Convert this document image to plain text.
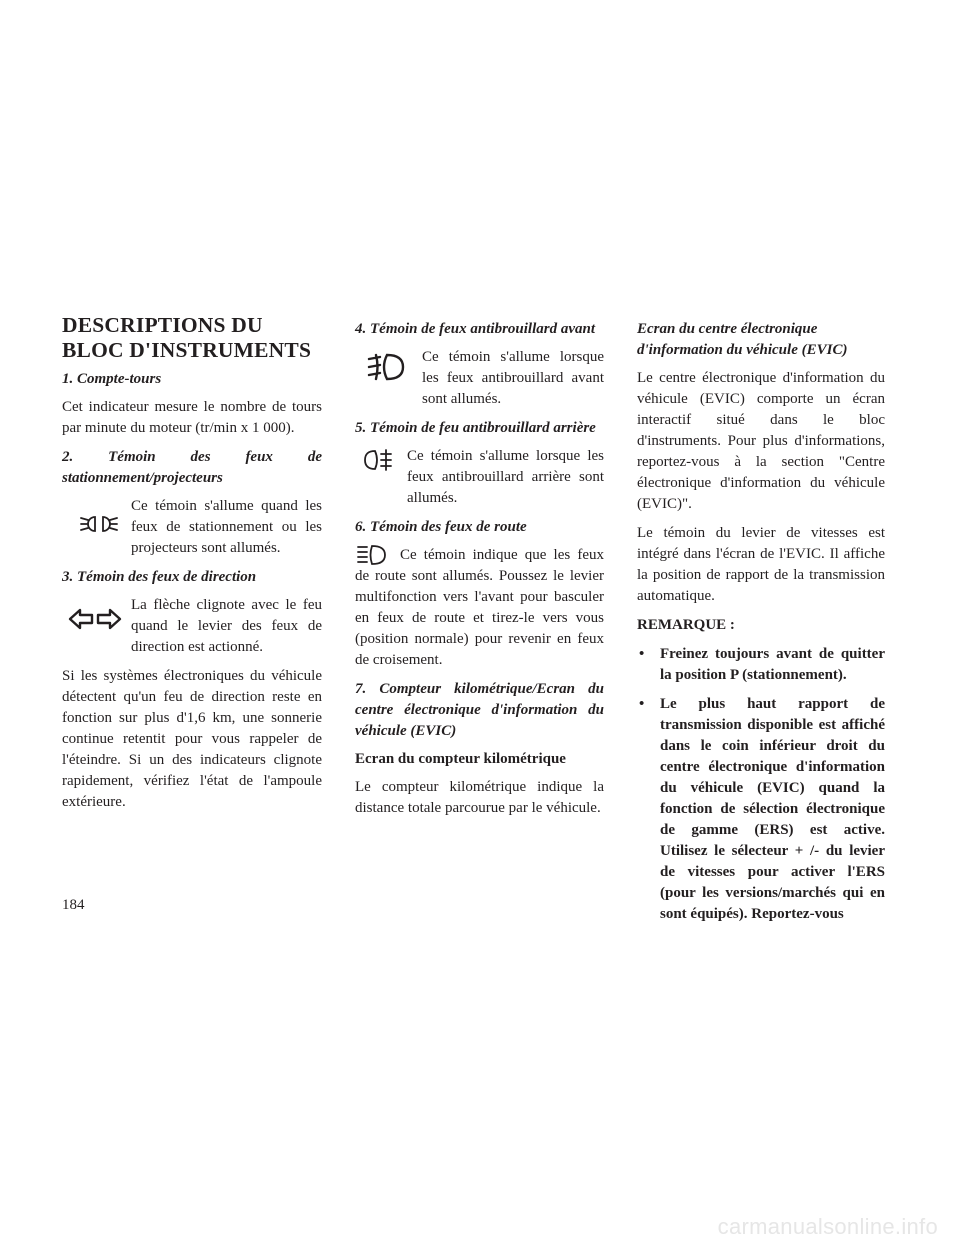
DESCRIPTIONS DU BLOC D'INSTRUMENTS
1. Compte-tours

Cet indicateur mesure le nombre de tours par minute du moteur (tr/min x 1 000).

2. Témoin des feux de stationnement/projecteurs
Ce témoin s'allume quand les feux de stationnement ou les projecteurs sont allumés.
3. Témoin des feux de direction
La flèche clignote avec le feu quand le levier des feux de direction est actionné.

Si les systèmes électroniques du véhicule détectent qu'un feu de direction reste en fonction sur plus d'1,6 km, une sonnerie continue retentit pour vous rappeler de l'éteindre. Si un des indicateurs clignote rapidement, vérifiez l'état de l'ampoule extérieure.

4. Témoin de feux antibrouillard avant
Ce témoin s'allume lorsque les feux antibrouillard avant sont allumés.
5. Témoin de feu antibrouillard arrière
Ce témoin s'allume lorsque les feux antibrouillard arrière sont allumés.
6. Témoin des feux de route
Ce témoin indique que les feux de route sont allumés. Poussez le levier multifonction vers l'avant pour basculer en feux de route et tirez-le vers vous (position normale) pour revenir en feux de croisement.
7. Compteur kilométrique/Ecran du centre électronique d'information du véhicule (EVIC)
Ecran du compteur kilométrique

Le compteur kilométrique indique la distance totale parcourue par le véhicule.

Ecran du centre électronique d'information du véhicule (EVIC)

Le centre électronique d'information du véhicule (EVIC) comporte un écran interactif situé dans le bloc d'instruments. Pour plus d'informations, reportez-vous à la section "Centre électronique d'information du véhicule (EVIC)".

Le témoin du levier de vitesses est intégré dans l'écran de l'EVIC. Il affiche la position de rapport de la transmission automatique.

REMARQUE :
• Freinez toujours avant de quitter la position P (stationnement).
• Le plus haut rapport de transmission disponible est affiché dans le coin inférieur droit du centre électronique d'information du véhicule (EVIC) quand la fonction de sélection électronique de gamme (ERS) est active. Utilisez le sélecteur + /- du levier de vitesses pour activer l'ERS (pour les versions/marchés qui en sont équipés). Reportez-vous
184
carmanualsonline.info
